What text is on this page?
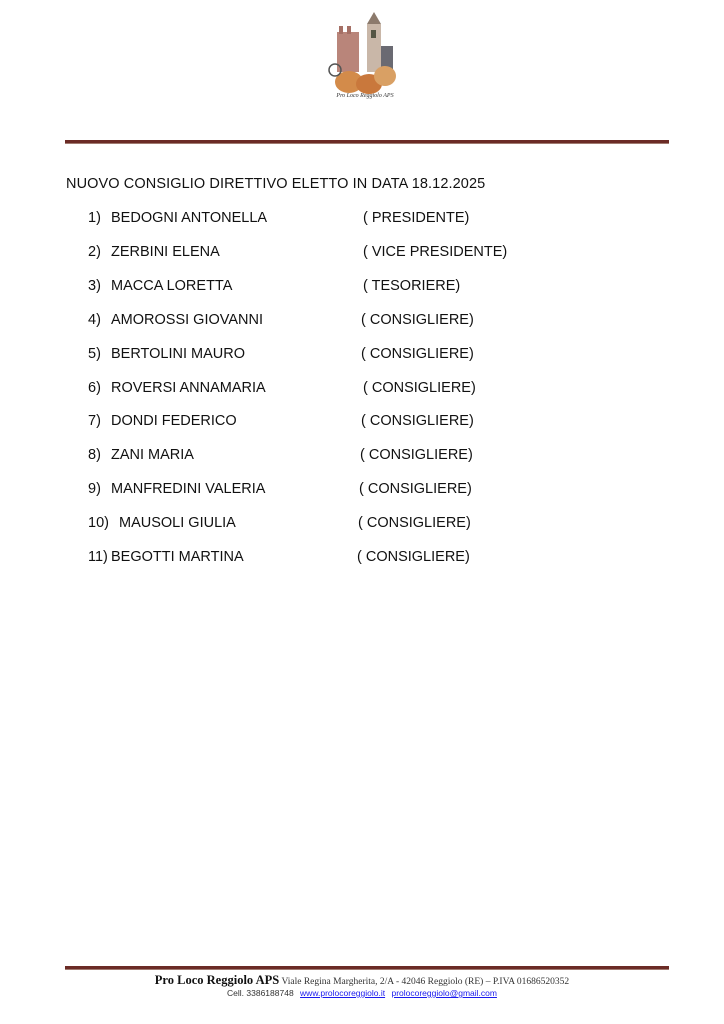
Pro Loco Reggiolo APS
NUOVO CONSIGLIO DIRETTIVO ELETTO IN DATA 18.12.2025
1) BEDOGNI ANTONELLA	( PRESIDENTE)
2) ZERBINI ELENA	( VICE PRESIDENTE)
3) MACCA LORETTA	( TESORIERE)
4) AMOROSSI GIOVANNI	( CONSIGLIERE)
5) BERTOLINI MAURO	( CONSIGLIERE)
6) ROVERSI ANNAMARIA	( CONSIGLIERE)
7) DONDI FEDERICO	( CONSIGLIERE)
8) ZANI MARIA	( CONSIGLIERE)
9) MANFREDINI VALERIA	( CONSIGLIERE)
10) MAUSOLI GIULIA	( CONSIGLIERE)
11) BEGOTTI MARTINA	( CONSIGLIERE)
Pro Loco Reggiolo APS Viale Regina Margherita, 2/A - 42046 Reggiolo (RE) – P.IVA 01686520352
Cell. 3386188748 www.prolocoreggiolo.it prolocoreggiolo@gmail.com
